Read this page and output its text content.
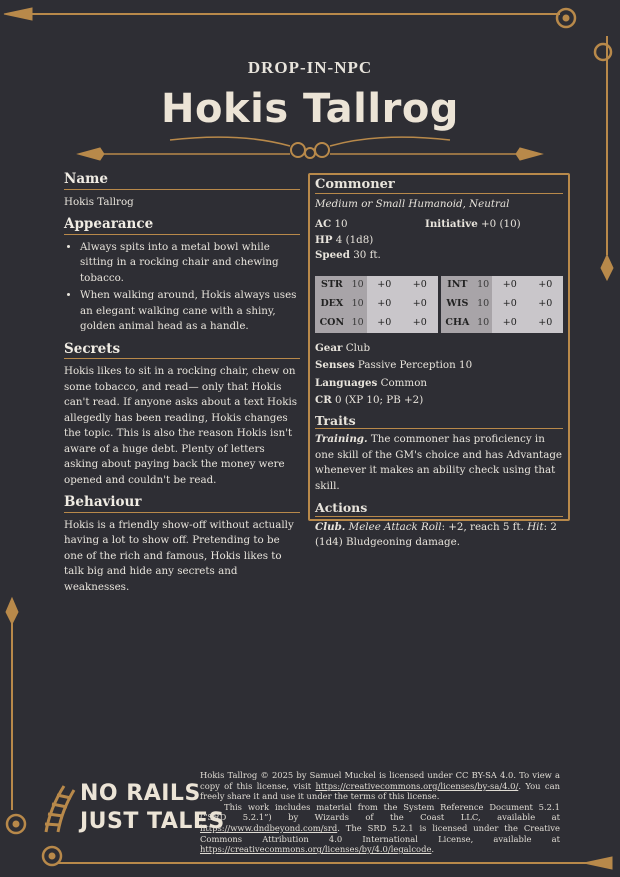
DROP-IN-NPC
Hokis Tallrog
Name

Hokis Tallrog

Appearance
• Always spits into a metal bowl while sitting in a rocking chair and chewing tobacco.
• When walking around, Hokis always uses an elegant walking cane with a shiny, golden animal head as a handle.
Secrets

Hokis likes to sit in a rocking chair, chew on some tobacco, and read— only that Hokis can't read. If anyone asks about a text Hokis allegedly has been reading, Hokis changes the topic. This is also the reason Hokis isn't aware of a huge debt. Plenty of letters asking about paying back the money were opened and couldn't be read.

Behaviour

Hokis is a friendly show-off without actually having a lot to show off. Pretending to be one of the rich and famous, Hokis likes to talk big and hide any secrets and weaknesses.

Commoner
Medium or Small Humanoid, Neutral
AC 10	Initiative +0 (10)
HP 4 (1d8)
Speed 30 ft.
STR	10	+0	+0
DEX	10	+0	+0
CON	10	+0	+0
INT	10	+0	+0
WIS	10	+0	+0
CHA	10	+0	+0
Gear Club
Senses Passive Perception 10
Languages Common
CR 0 (XP 10; PB +2)
Traits
Training. The commoner has proficiency in one skill of the GM's choice and has Advantage whenever it makes an ability check using that skill.
Actions
Club. Melee Attack Roll: +2, reach 5 ft. Hit: 2 (1d4) Bludgeoning damage.
NO RAILS
JUST TALES
Hokis Tallrog © 2025 by Samuel Muckel is licensed under CC BY-SA 4.0. To view a copy of this license, visit https://creativecommons.org/licenses/by-sa/4.0/. You can freely share it and use it under the terms of this license.
This work includes material from the System Reference Document 5.2.1 (“SRD 5.2.1”) by Wizards of the Coast LLC, available at https://www.dndbeyond.com/srd. The SRD 5.2.1 is licensed under the Creative Commons Attribution 4.0 International License, available at https://creativecommons.org/licenses/by/4.0/legalcode.
